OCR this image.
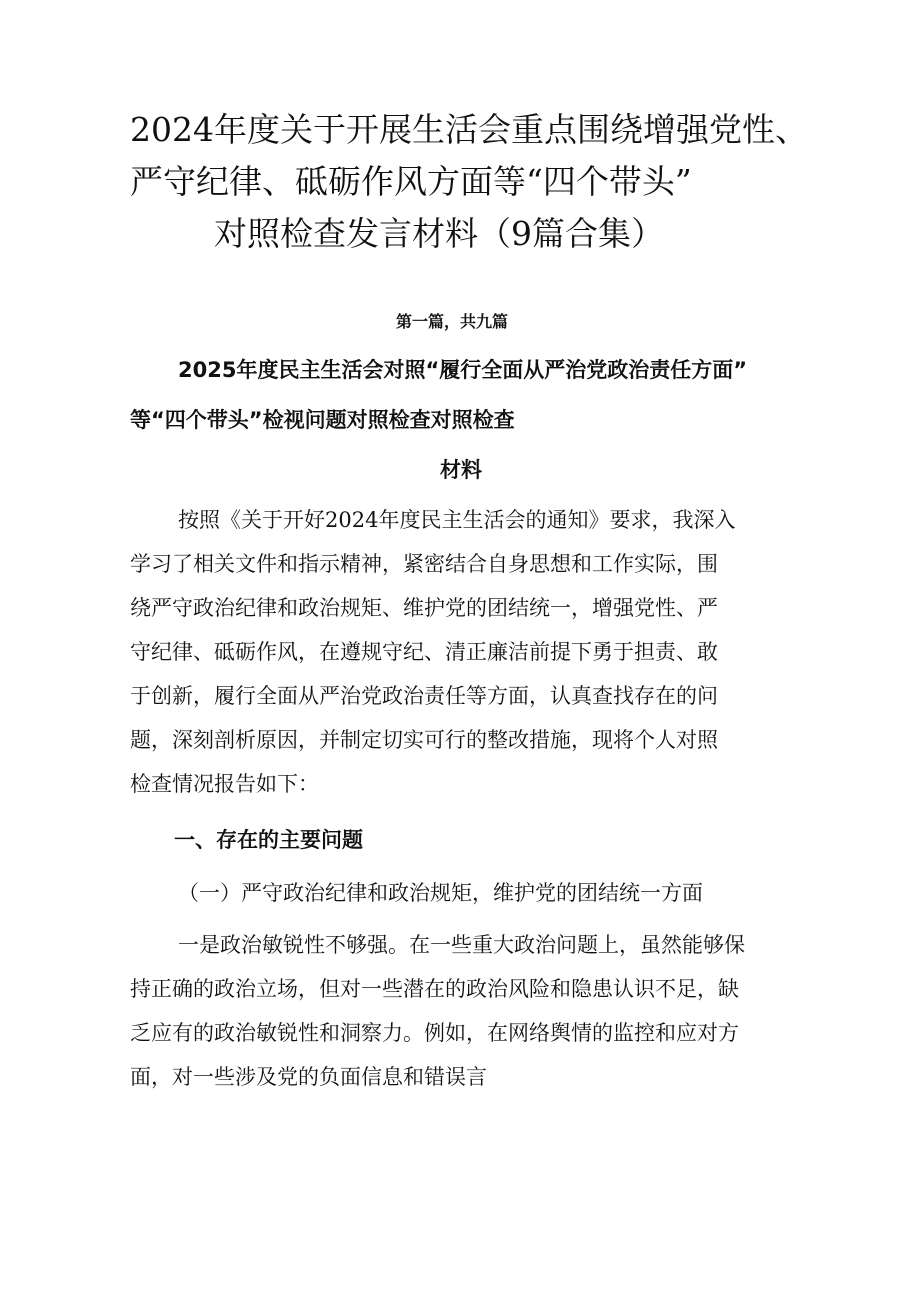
2024年度关于开展生活会重点围绕增强党性、
严守纪律、砥砺作风方面等“四个带头”
对照检查发言材料（9篇合集）
第一篇，共九篇
2025年度民主生活会对照“履行全面从严治党政治责任方面”
等“四个带头”检视问题对照检查对照检查
材料
按照《关于开好2024年度民主生活会的通知》要求，我深入
学习了相关文件和指示精神，紧密结合自身思想和工作实际，围
绕严守政治纪律和政治规矩、维护党的团结统一，增强党性、严
守纪律、砥砺作风，在遵规守纪、清正廉洁前提下勇于担责、敢
于创新，履行全面从严治党政治责任等方面，认真查找存在的问
题，深刻剖析原因，并制定切实可行的整改措施，现将个人对照
检查情况报告如下：
一、存在的主要问题
（一）严守政治纪律和政治规矩，维护党的团结统一方面
一是政治敏锐性不够强。在一些重大政治问题上，虽然能够保
持正确的政治立场，但对一些潜在的政治风险和隐患认识不足，缺
乏应有的政治敏锐性和洞察力。例如，在网络舆情的监控和应对方
面，对一些涉及党的负面信息和错误言
